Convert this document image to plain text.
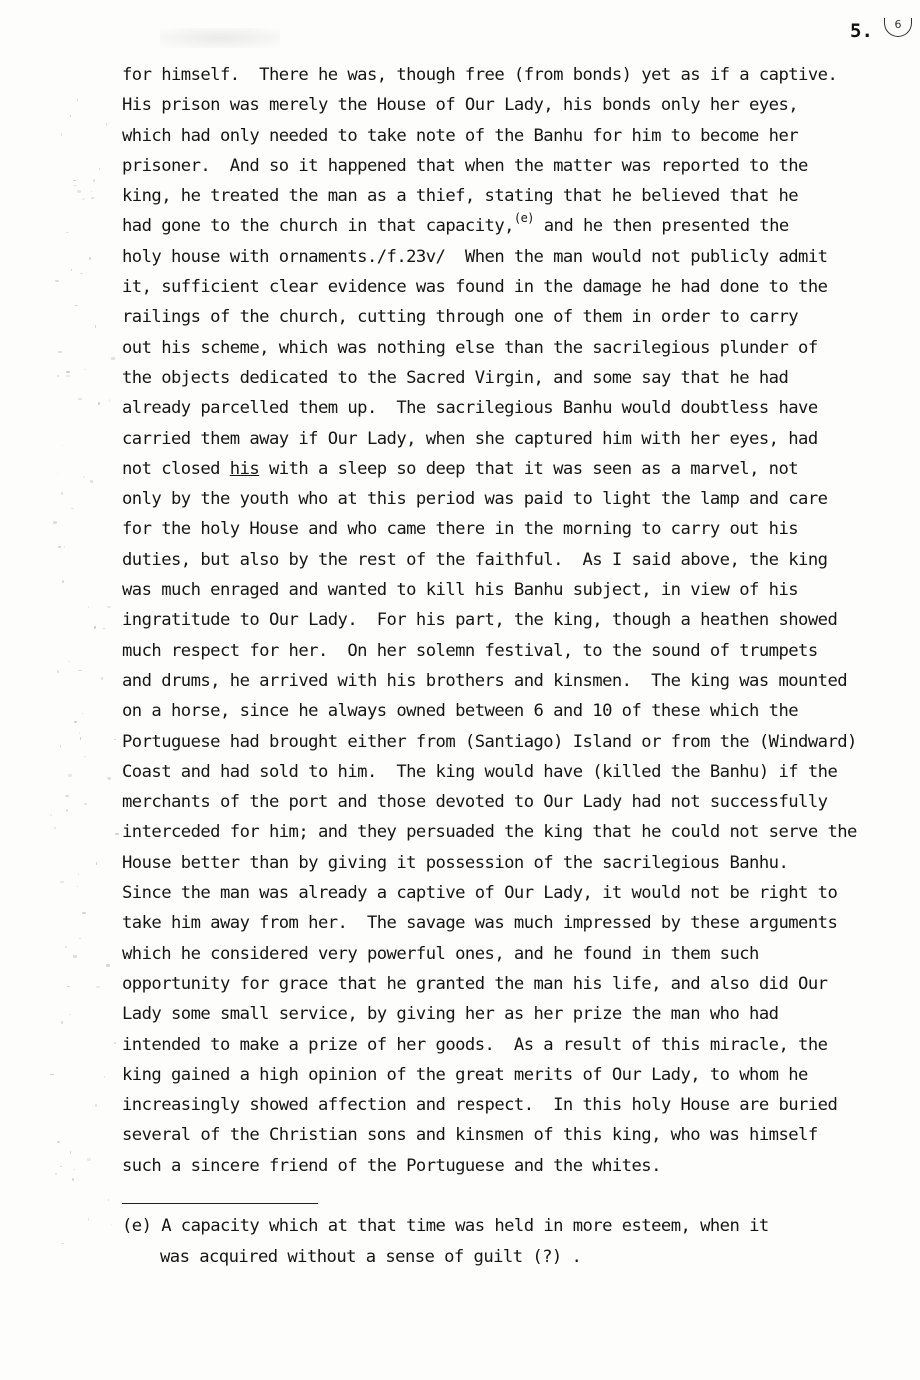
5.	6
for himself.  There he was, though free (from bonds) yet as if a captive.
His prison was merely the House of Our Lady, his bonds only her eyes,
which had only needed to take note of the Banhu for him to become her
prisoner.  And so it happened that when the matter was reported to the
king, he treated the man as a thief, stating that he believed that he
had gone to the church in that capacity,$^{(e)}$ and he then presented the
holy house with ornaments./f.23v/  When the man would not publicly admit
it, sufficient clear evidence was found in the damage he had done to the
railings of the church, cutting through one of them in order to carry
out his scheme, which was nothing else than the sacrilegious plunder of
the objects dedicated to the Sacred Virgin, and some say that he had
already parcelled them up.  The sacrilegious Banhu would doubtless have
carried them away if Our Lady, when she captured him with her eyes, had
not closed his with a sleep so deep that it was seen as a marvel, not
only by the youth who at this period was paid to light the lamp and care
for the holy House and who came there in the morning to carry out his
duties, but also by the rest of the faithful.  As I said above, the king
was much enraged and wanted to kill his Banhu subject, in view of his
ingratitude to Our Lady.  For his part, the king, though a heathen showed
much respect for her.  On her solemn festival, to the sound of trumpets
and drums, he arrived with his brothers and kinsmen.  The king was mounted
on a horse, since he always owned between 6 and 10 of these which the
Portuguese had brought either from (Santiago) Island or from the (Windward)
Coast and had sold to him.  The king would have (killed the Banhu) if the
merchants of the port and those devoted to Our Lady had not successfully
interceded for him; and they persuaded the king that he could not serve the
House better than by giving it possession of the sacrilegious Banhu.
Since the man was already a captive of Our Lady, it would not be right to
take him away from her.  The savage was much impressed by these arguments
which he considered very powerful ones, and he found in them such
opportunity for grace that he granted the man his life, and also did Our
Lady some small service, by giving her as her prize the man who had
intended to make a prize of her goods.  As a result of this miracle, the
king gained a high opinion of the great merits of Our Lady, to whom he
increasingly showed affection and respect.  In this holy House are buried
several of the Christian sons and kinsmen of this king, who was himself
such a sincere friend of the Portuguese and the whites.
(e) A capacity which at that time was held in more esteem, when it
was acquired without a sense of guilt (?) .
